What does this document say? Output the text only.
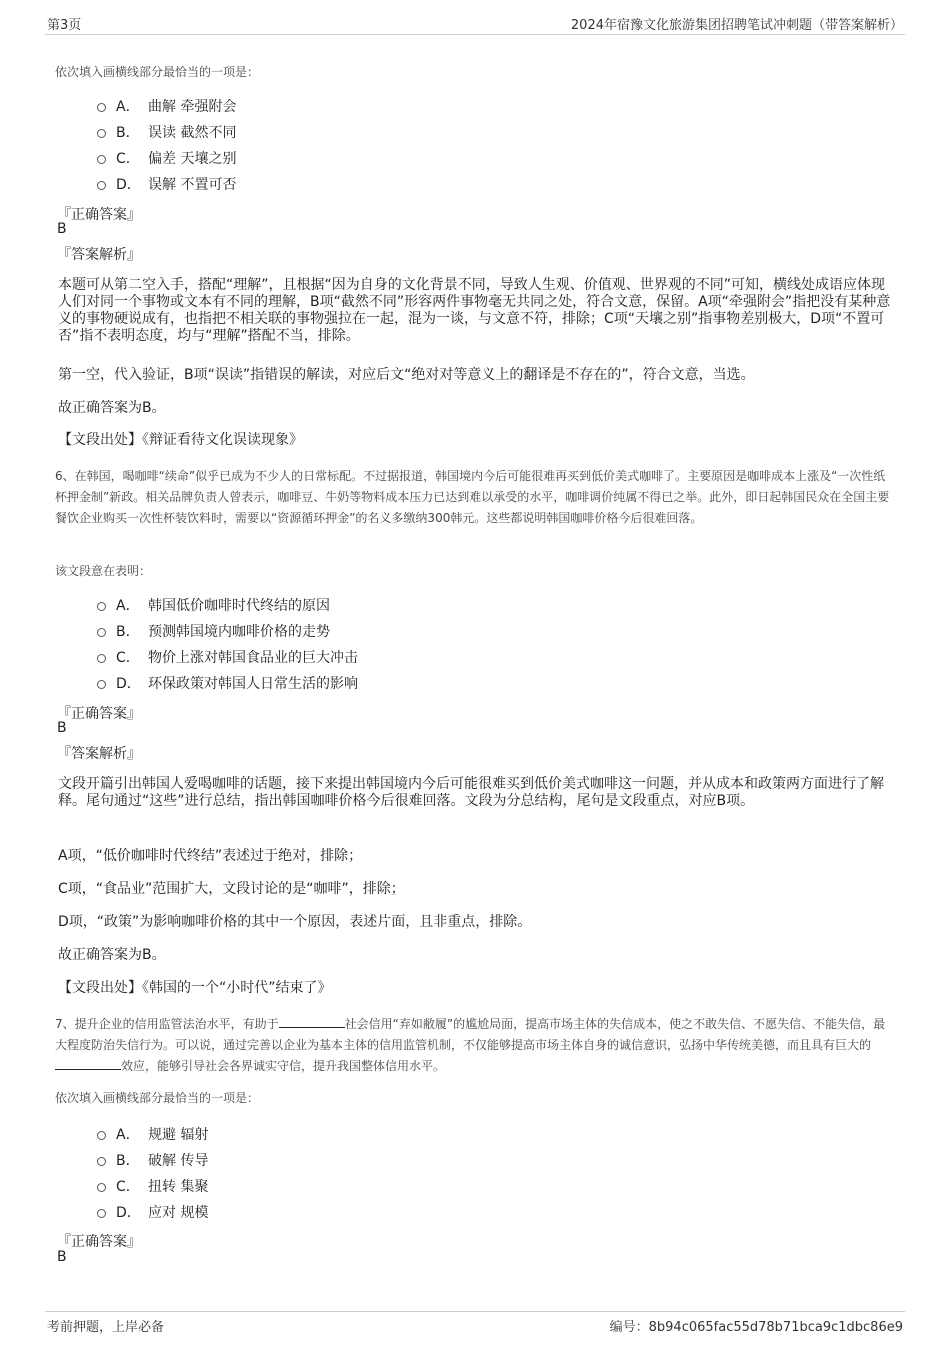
第3页	2024年宿豫文化旅游集团招聘笔试冲刺题（带答案解析）
依次填入画横线部分最恰当的一项是：
A． 曲解 牵强附会
B． 误读 截然不同
C． 偏差 天壤之别
D． 误解 不置可否
『正确答案』
B
『答案解析』
本题可从第二空入手，搭配“理解”，且根据“因为自身的文化背景不同，导致人生观、价值观、世界观的不同”可知，横线处成语应体现人们对同一个事物或文本有不同的理解，B项“截然不同”形容两件事物毫无共同之处，符合文意，保留。A项“牵强附会”指把没有某种意义的事物硬说成有，也指把不相关联的事物强拉在一起，混为一谈，与文意不符，排除；C项“天壤之别”指事物差别极大，D项“不置可否”指不表明态度，均与“理解”搭配不当，排除。
第一空，代入验证，B项“误读”指错误的解读，对应后文“绝对对等意义上的翻译是不存在的”，符合文意，当选。
故正确答案为B。
【文段出处】《辩证看待文化误读现象》
6、在韩国，喝咖啡“续命”似乎已成为不少人的日常标配。不过据报道，韩国境内今后可能很难再买到低价美式咖啡了。主要原因是咖啡成本上涨及“一次性纸杯押金制”新政。相关品牌负责人曾表示，咖啡豆、牛奶等物料成本压力已达到难以承受的水平，咖啡调价纯属不得已之举。此外，即日起韩国民众在全国主要餐饮企业购买一次性杯装饮料时，需要以“资源循环押金”的名义多缴纳300韩元。这些都说明韩国咖啡价格今后很难回落。
该文段意在表明：
A． 韩国低价咖啡时代终结的原因
B． 预测韩国境内咖啡价格的走势
C． 物价上涨对韩国食品业的巨大冲击
D． 环保政策对韩国人日常生活的影响
『正确答案』
B
『答案解析』
文段开篇引出韩国人爱喝咖啡的话题，接下来提出韩国境内今后可能很难买到低价美式咖啡这一问题，并从成本和政策两方面进行了解释。尾句通过“这些”进行总结，指出韩国咖啡价格今后很难回落。文段为分总结构，尾句是文段重点，对应B项。
A项，“低价咖啡时代终结”表述过于绝对，排除；
C项，“食品业”范围扩大，文段讨论的是“咖啡”，排除；
D项，“政策”为影响咖啡价格的其中一个原因，表述片面，且非重点，排除。
故正确答案为B。
【文段出处】《韩国的一个“小时代”结束了》
7、提升企业的信用监管法治水平，有助于	社会信用“弃如敝履”的尴尬局面，提高市场主体的失信成本，使之不敢失信、不愿失信、不能失信，最大程度防治失信行为。可以说，通过完善以企业为基本主体的信用监管机制，不仅能够提高市场主体自身的诚信意识，弘扬中华传统美德，而且具有巨大的效应，能够引导社会各界诚实守信，提升我国整体信用水平。
依次填入画横线部分最恰当的一项是：
A． 规避 辐射
B． 破解 传导
C． 扭转 集聚
D． 应对 规模
『正确答案』
B
考前押题，上岸必备	编号：8b94c065fac55d78b71bca9c1dbc86e9
